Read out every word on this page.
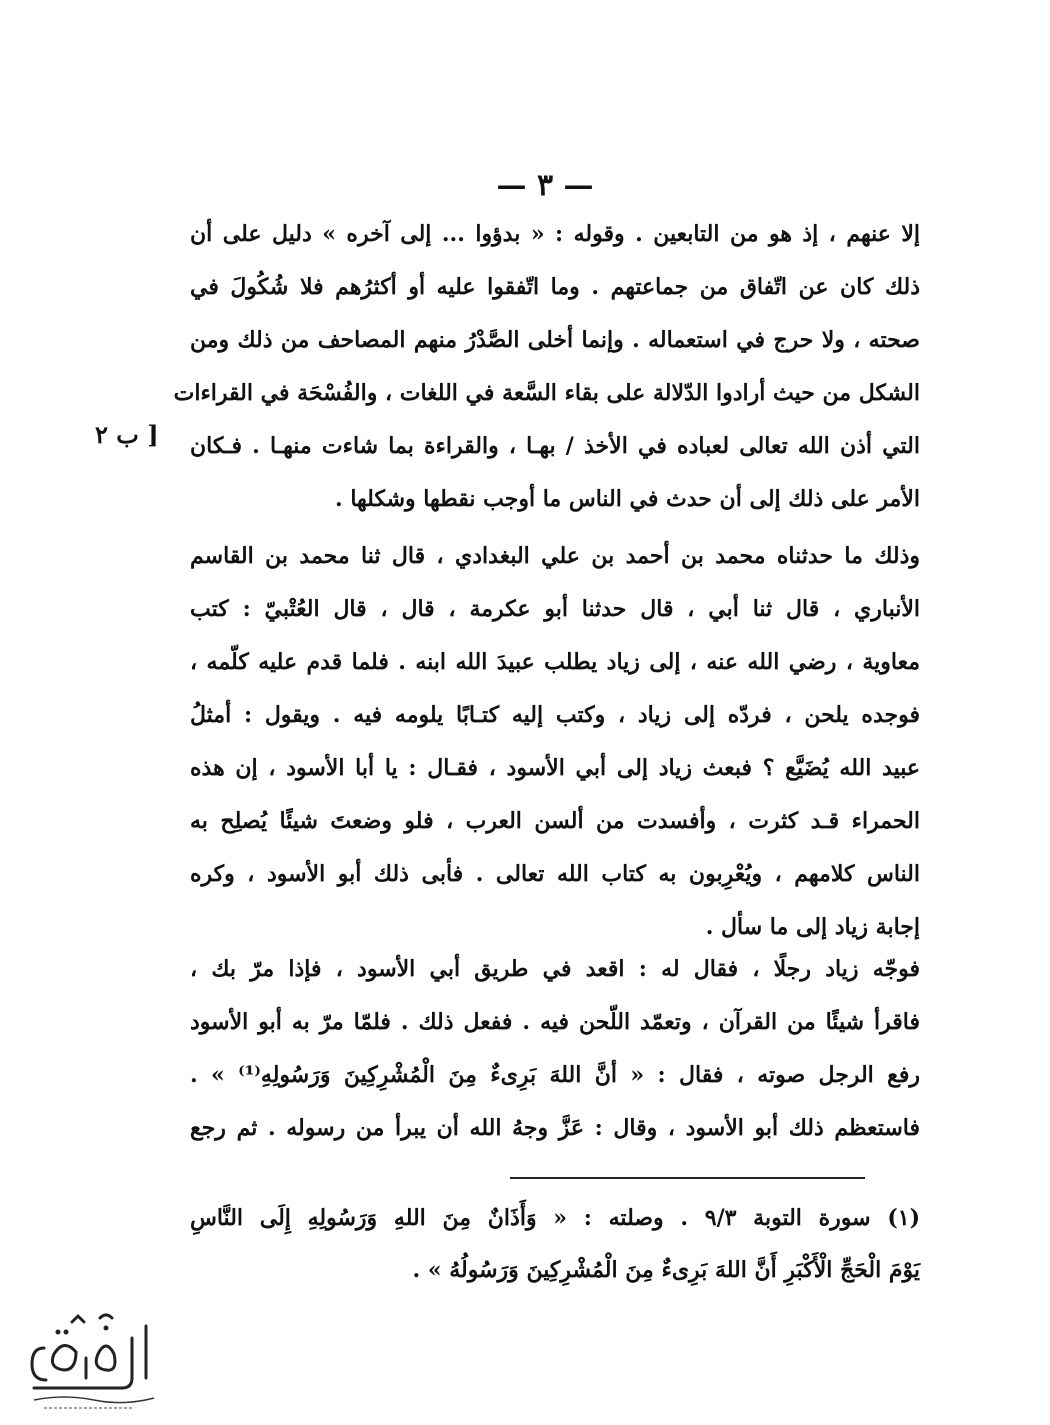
— ٣ —
[ ب ٢
إلا عنهم ، إذ هو من التابعين . وقوله : « بدؤوا ... إلى آخره » دليل على أن
ذلك كان عن اتّفاق من جماعتهم . وما اتّفقوا عليه أو أكثرُهم فلا شُكُولَ في
صحته ، ولا حرج في استعماله . وإنما أخلى الصَّدْرُ منهم المصاحف من ذلك ومن
الشكل من حيث أرادوا الدّلالة على بقاء السَّعة في اللغات ، والفُسْحَة في القراءات
التي أذن الله تعالى لعباده في الأخذ / بهـا ، والقراءة بما شاءت منهـا . فـكان
الأمر على ذلك إلى أن حدث في الناس ما أوجب نقطها وشكلها .
وذلك ما حدثناه محمد بن أحمد بن علي البغدادي ، قال ثنا محمد بن القاسم
الأنباري ، قال ثنا أبي ، قال حدثنا أبو عكرمة ، قال ، قال العُتْبيّ : كتب
معاوية ، رضي الله عنه ، إلى زياد يطلب عبيدَ الله ابنه . فلما قدم عليه كلّمه ،
فوجده يلحن ، فردّه إلى زياد ، وكتب إليه كتـابًا يلومه فيه . ويقول : أمثلُ
عبيد الله يُضَيَّع ؟ فبعث زياد إلى أبي الأسود ، فقـال : يا أبا الأسود ، إن هذه
الحمراء قـد كثرت ، وأفسدت من ألسن العرب ، فلو وضعتَ شيئًا يُصلِح به
الناس كلامهم ، ويُعْرِبون به كتاب الله تعالى . فأبى ذلك أبو الأسود ، وكره
إجابة زياد إلى ما سأل .
فوجّه زياد رجلًا ، فقال له : اقعد في طريق أبي الأسود ، فإذا مرّ بك ،
فاقرأ شيئًا من القرآن ، وتعمّد اللّحن فيه . ففعل ذلك . فلمّا مرّ به أبو الأسود
رفع الرجل صوته ، فقال : « أنَّ اللهَ بَرِىءٌ مِنَ الْمُشْرِكِينَ وَرَسُولِهِ⁽¹⁾ » .
فاستعظم ذلك أبو الأسود ، وقال : عَزَّ وجهُ الله أن يبرأ من رسوله . ثم رجع
(١) سورة التوبة ٩/٣ . وصلته : « وَأَذَانٌ مِنَ اللهِ وَرَسُولِهِ إِلَى النَّاسِ
يَوْمَ الْحَجِّ الْأَكْبَرِ أَنَّ اللهَ بَرِىءٌ مِنَ الْمُشْرِكِينَ وَرَسُولُهُ » .
